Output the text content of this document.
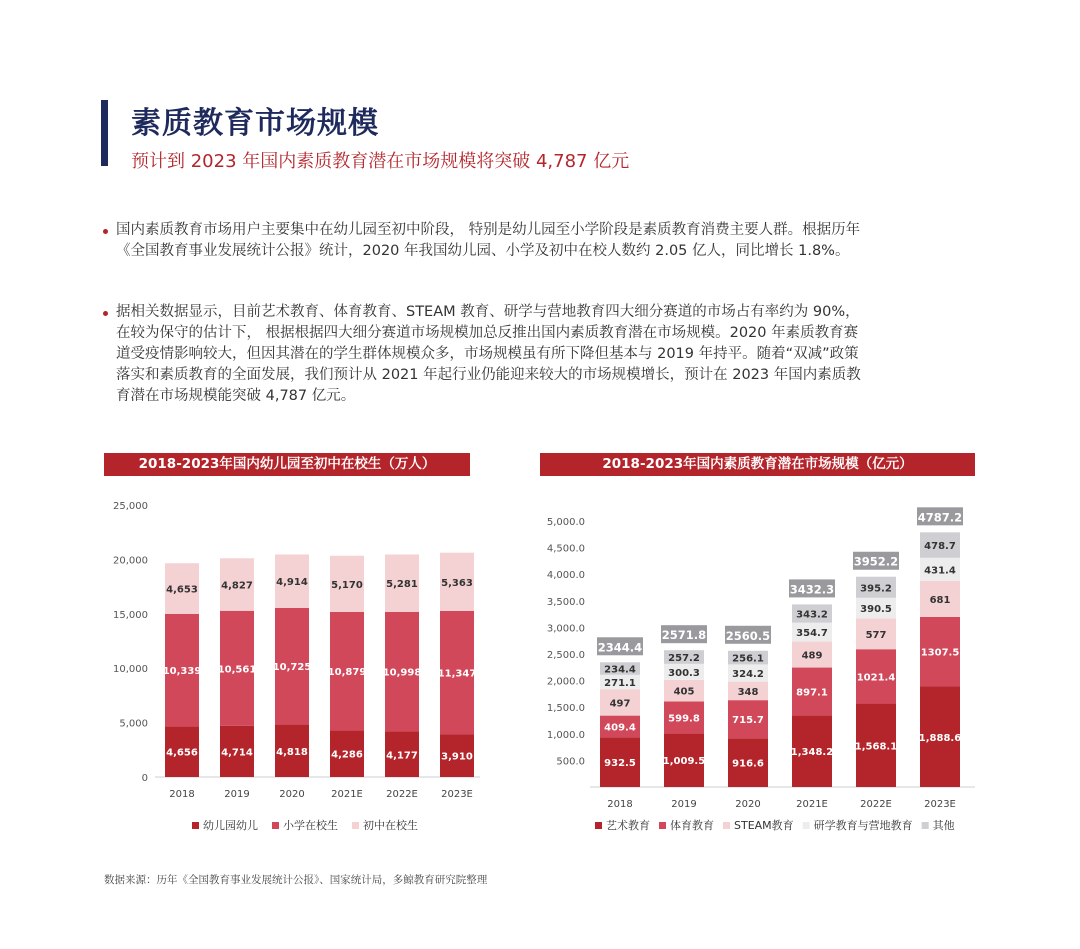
素质教育市场规模
预计到 2023 年国内素质教育潜在市场规模将突破 4,787 亿元
国内素质教育市场用户主要集中在幼儿园至初中阶段， 特别是幼儿园至小学阶段是素质教育消费主要人群。根据历年
《全国教育事业发展统计公报》统计，2020 年我国幼儿园、小学及初中在校人数约 2.05 亿人，同比增长 1.8%。
据相关数据显示，目前艺术教育、体育教育、STEAM 教育、研学与营地教育四大细分赛道的市场占有率约为 90%，
在较为保守的估计下， 根据根据四大细分赛道市场规模加总反推出国内素质教育潜在市场规模。2020 年素质教育赛
道受疫情影响较大，但因其潜在的学生群体规模众多，市场规模虽有所下降但基本与 2019 年持平。随着“双减”政策
落实和素质教育的全面发展，我们预计从 2021 年起行业仍能迎来较大的市场规模增长，预计在 2023 年国内素质教
育潜在市场规模能突破 4,787 亿元。
2018-2023年国内幼儿园至初中在校生（万人）	2018-2023年国内素质教育潜在市场规模（亿元）
0
5,000
10,000
15,000
20,000
25,000
4,656
10,339
4,653
2018
4,714
10,561
4,827
2019
4,818
10,725
4,914
2020
4,286
10,879
5,170
2021E
4,177
10,998
5,281
2022E
3,910
11,347
5,363
2023E
幼儿园幼儿 小学在校生 初中在校生
500.0
1,000.0
1,500.0
2,000.0
2,500.0
3,000.0
3,500.0
4,000.0
4,500.0
5,000.0
932.5
409.4
497
271.1
234.4
2018
2344.4
1,009.5
599.8
405
300.3
257.2
2019
2571.8
916.6
715.7
348
324.2
256.1
2020
2560.5
1,348.2
897.1
489
354.7
343.2
2021E
3432.3
1,568.1
1021.4
577
390.5
395.2
2022E
3952.2
1,888.6
1307.5
681
431.4
478.7
2023E
4787.2
艺术教育 体育教育 STEAM教育 研学教育与营地教育 其他
数据来源：历年《全国教育事业发展统计公报》、国家统计局，多鲸教育研究院整理
